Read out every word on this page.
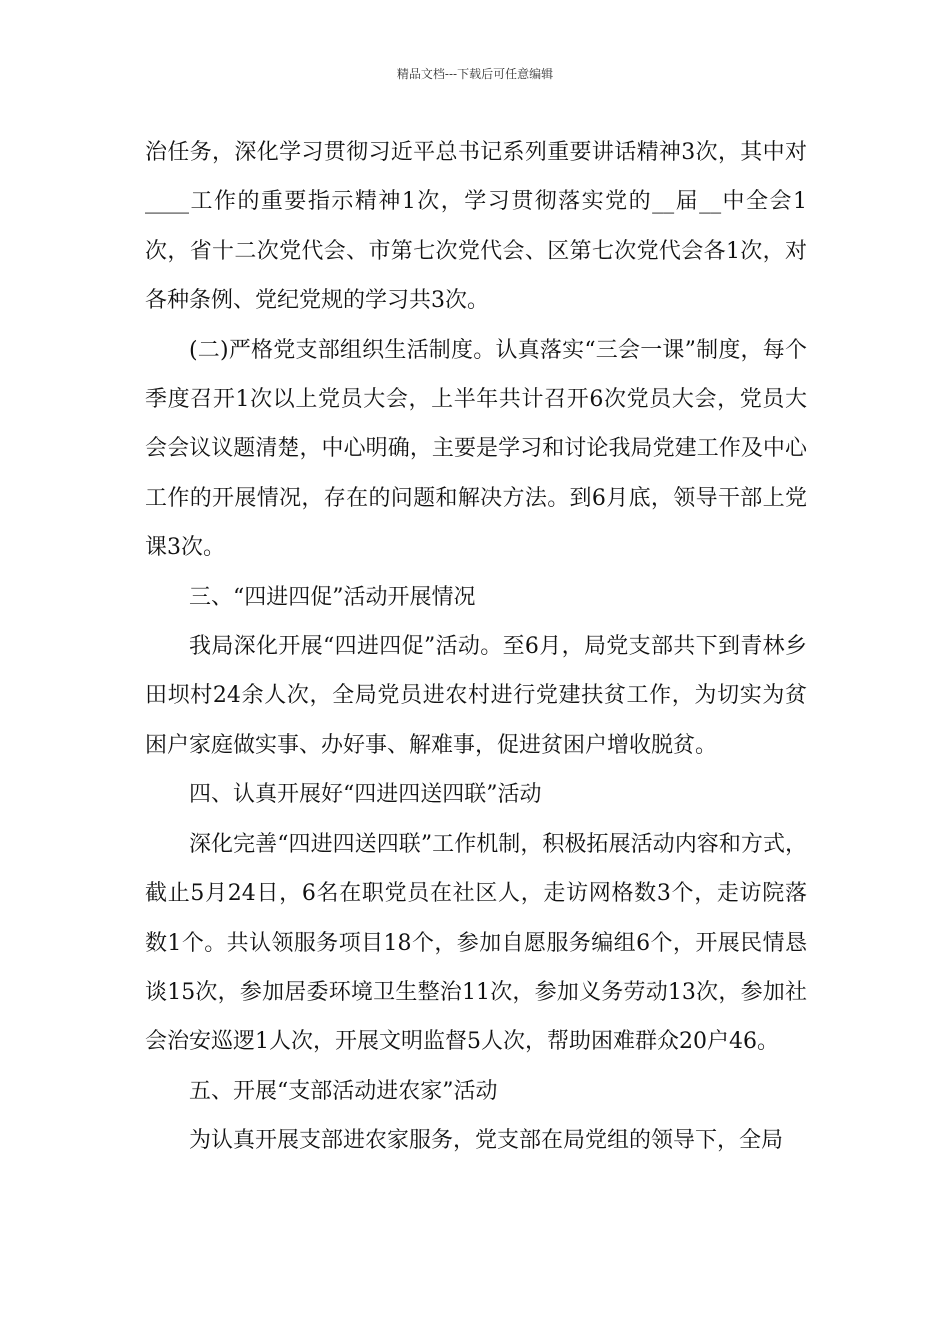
精品文档---下载后可任意编辑

治任务，深化学习贯彻习近平总书记系列重要讲话精神3次，其中对____工作的重要指示精神1次，学习贯彻落实党的__届__中全会1次，省十二次党代会、市第七次党代会、区第七次党代会各1次，对各种条例、党纪党规的学习共3次。

(二)严格党支部组织生活制度。认真落实“三会一课”制度，每个季度召开1次以上党员大会，上半年共计召开6次党员大会，党员大会会议议题清楚，中心明确，主要是学习和讨论我局党建工作及中心工作的开展情况，存在的问题和解决方法。到6月底，领导干部上党课3次。

三、“四进四促”活动开展情况

我局深化开展“四进四促”活动。至6月，局党支部共下到青林乡田坝村24余人次，全局党员进农村进行党建扶贫工作，为切实为贫困户家庭做实事、办好事、解难事，促进贫困户增收脱贫。

四、认真开展好“四进四送四联”活动

深化完善“四进四送四联”工作机制，积极拓展活动内容和方式，截止5月24日，6名在职党员在社区人，走访网格数3个，走访院落数1个。共认领服务项目18个，参加自愿服务编组6个，开展民情恳谈15次，参加居委环境卫生整治11次，参加义务劳动13次，参加社会治安巡逻1人次，开展文明监督5人次，帮助困难群众20户46。

五、开展“支部活动进农家”活动

为认真开展支部进农家服务，党支部在局党组的领导下，全局
